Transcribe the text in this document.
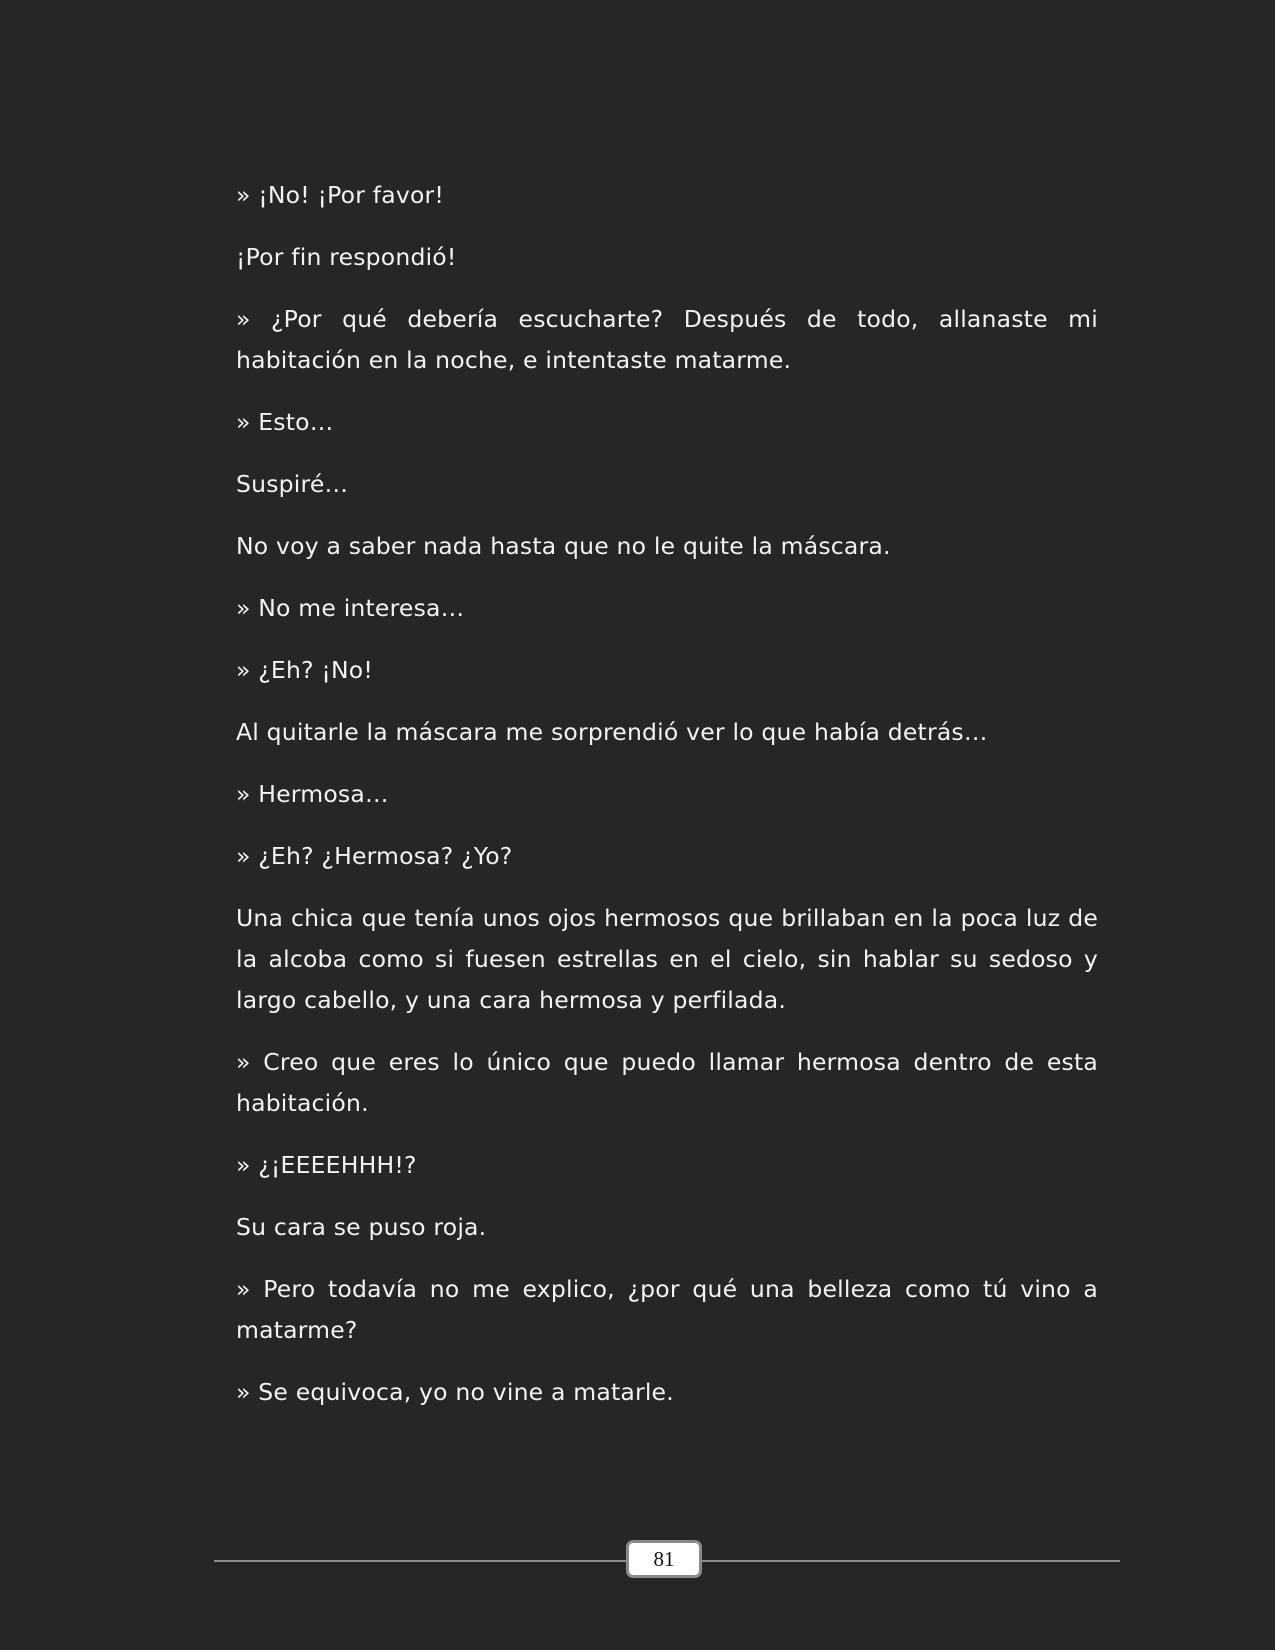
» ¡No! ¡Por favor!

¡Por fin respondió!

» ¿Por qué debería escucharte? Después de todo, allanaste mi habitación en la noche, e intentaste matarme.

» Esto…

Suspiré…

No voy a saber nada hasta que no le quite la máscara.

» No me interesa…

» ¿Eh? ¡No!

Al quitarle la máscara me sorprendió ver lo que había detrás…

» Hermosa…

» ¿Eh? ¿Hermosa? ¿Yo?

Una chica que tenía unos ojos hermosos que brillaban en la poca luz de la alcoba como si fuesen estrellas en el cielo, sin hablar su sedoso y largo cabello, y una cara hermosa y perfilada.

» Creo que eres lo único que puedo llamar hermosa dentro de esta habitación.

» ¿¡EEEEHHH!?

Su cara se puso roja.

» Pero todavía no me explico, ¿por qué una belleza como tú vino a matarme?

» Se equivoca, yo no vine a matarle.

81
